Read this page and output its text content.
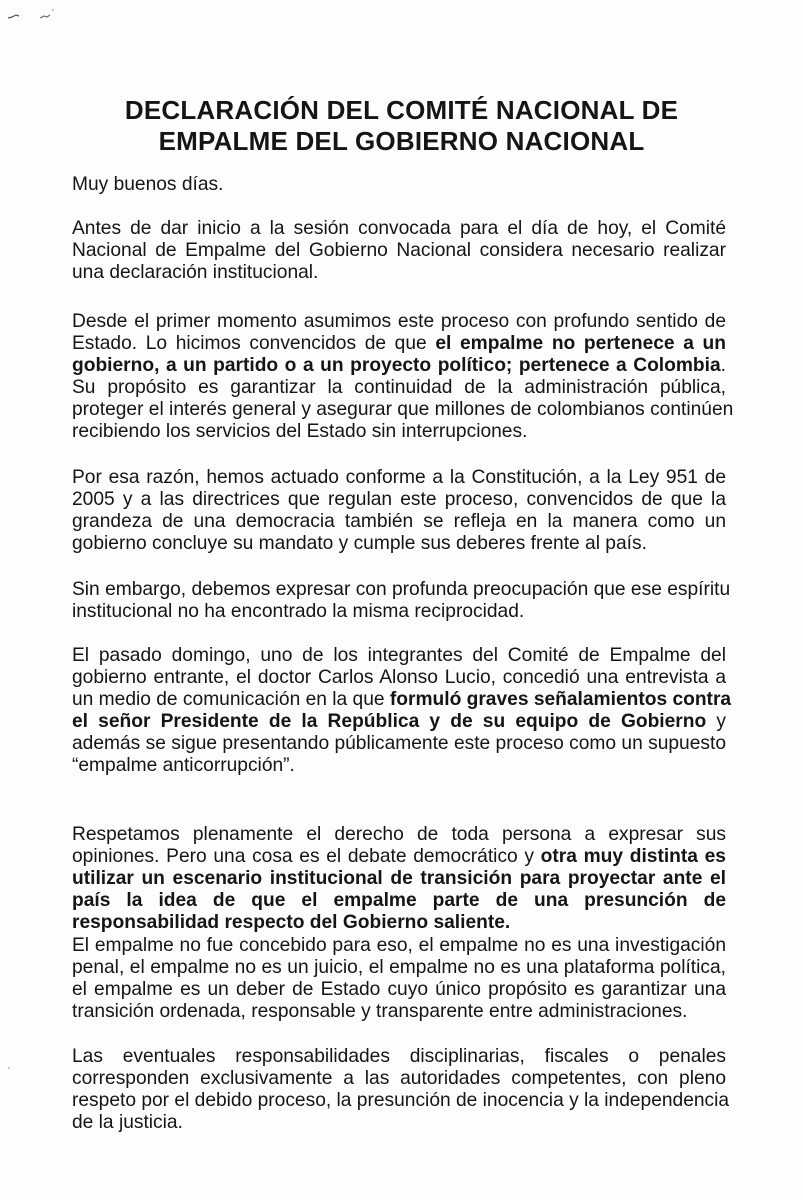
DECLARACIÓN DEL COMITÉ NACIONAL DE
EMPALME DEL GOBIERNO NACIONAL

Muy buenos días.

Antes de dar inicio a la sesión convocada para el día de hoy, el Comité
Nacional de Empalme del Gobierno Nacional considera necesario realizar
una declaración institucional.
Desde el primer momento asumimos este proceso con profundo sentido de
Estado. Lo hicimos convencidos de que el empalme no pertenece a un
gobierno, a un partido o a un proyecto político; pertenece a Colombia.
Su propósito es garantizar la continuidad de la administración pública,
proteger el interés general y asegurar que millones de colombianos continúen
recibiendo los servicios del Estado sin interrupciones.
Por esa razón, hemos actuado conforme a la Constitución, a la Ley 951 de
2005 y a las directrices que regulan este proceso, convencidos de que la
grandeza de una democracia también se refleja en la manera como un
gobierno concluye su mandato y cumple sus deberes frente al país.
Sin embargo, debemos expresar con profunda preocupación que ese espíritu
institucional no ha encontrado la misma reciprocidad.
El pasado domingo, uno de los integrantes del Comité de Empalme del
gobierno entrante, el doctor Carlos Alonso Lucio, concedió una entrevista a
un medio de comunicación en la que formuló graves señalamientos contra
el señor Presidente de la República y de su equipo de Gobierno y
además se sigue presentando públicamente este proceso como un supuesto
“empalme anticorrupción”.
Respetamos plenamente el derecho de toda persona a expresar sus
opiniones. Pero una cosa es el debate democrático y otra muy distinta es
utilizar un escenario institucional de transición para proyectar ante el
país la idea de que el empalme parte de una presunción de
responsabilidad respecto del Gobierno saliente.
El empalme no fue concebido para eso, el empalme no es una investigación
penal, el empalme no es un juicio, el empalme no es una plataforma política,
el empalme es un deber de Estado cuyo único propósito es garantizar una
transición ordenada, responsable y transparente entre administraciones.
Las eventuales responsabilidades disciplinarias, fiscales o penales
corresponden exclusivamente a las autoridades competentes, con pleno
respeto por el debido proceso, la presunción de inocencia y la independencia
de la justicia.
